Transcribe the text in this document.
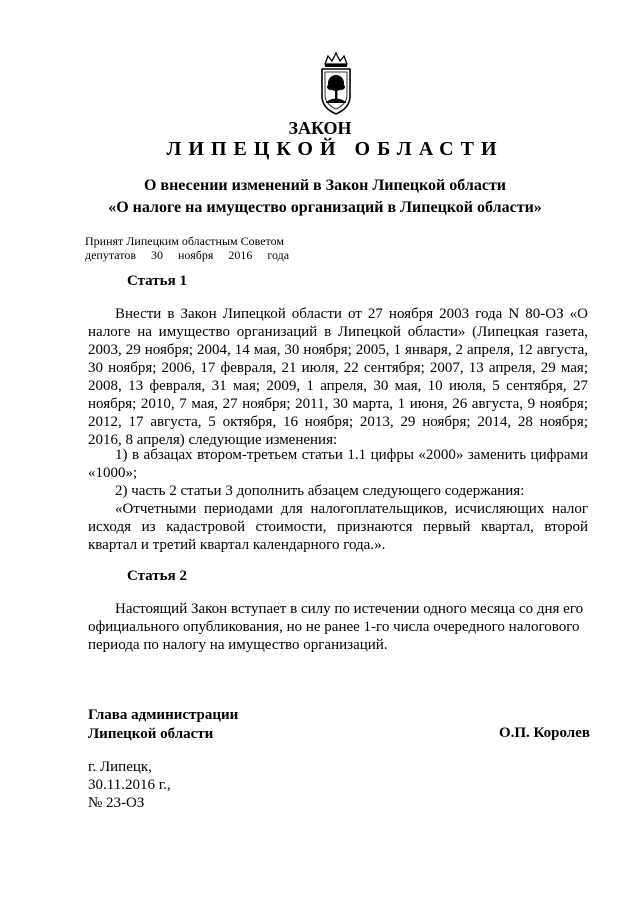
ЗАКОН
ЛИПЕЦКОЙ ОБЛАСТИ
О внесении изменений в Закон Липецкой области
«О налоге на имущество организаций в Липецкой области»
Принят Липецким областным Советом
депутатов 30 ноября 2016 года
Статья 1
Внести в Закон Липецкой области от 27 ноября 2003 года N 80-ОЗ «О налоге на имущество организаций в Липецкой области» (Липецкая газета, 2003, 29 ноября; 2004, 14 мая, 30 ноября; 2005, 1 января, 2 апреля, 12 августа, 30 ноября; 2006, 17 февраля, 21 июля, 22 сентября; 2007, 13 апреля, 29 мая; 2008, 13 февраля, 31 мая; 2009, 1 апреля, 30 мая, 10 июля, 5 сентября, 27 ноября; 2010, 7 мая, 27 ноября; 2011, 30 марта, 1 июня, 26 августа, 9 ноября; 2012, 17 августа, 5 октября, 16 ноября; 2013, 29 ноября; 2014, 28 ноября; 2016, 8 апреля) следующие изменения:
1) в абзацах втором-третьем статьи 1.1 цифры «2000» заменить цифрами «1000»;
2) часть 2 статьи 3 дополнить абзацем следующего содержания:
«Отчетными периодами для налогоплательщиков, исчисляющих налог исходя из кадастровой стоимости, признаются первый квартал, второй квартал и третий квартал календарного года.».
Статья 2
Настоящий Закон вступает в силу по истечении одного месяца со дня его официального опубликования, но не ранее 1-го числа очередного налогового периода по налогу на имущество организаций.
Глава администрации
Липецкой области	О.П. Королев
г. Липецк,
30.11.2016 г.,
№ 23-ОЗ
